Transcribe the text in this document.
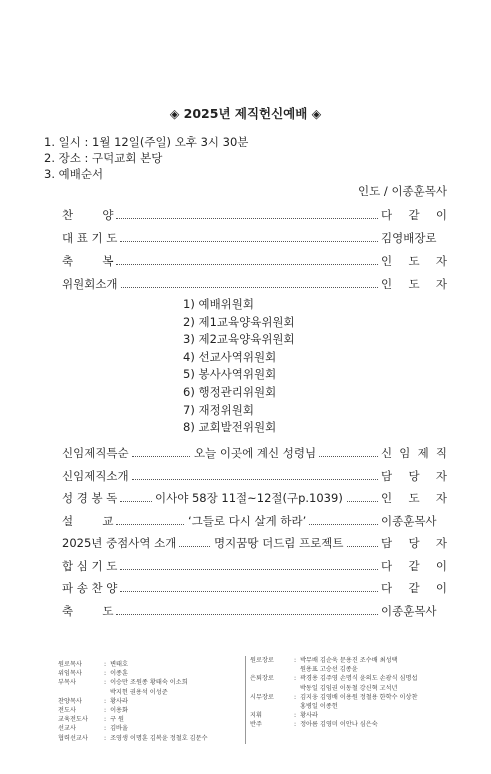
◈ 2025년 제직헌신예배 ◈
1. 일시 : 1월 12일(주일) 오후 3시 30분
2. 장소 : 구덕교회 본당
3. 예배순서
인도 / 이종훈목사
찬        양	다 같 이
대 표 기 도	김영배장로
축        복	인 도 자
위원회소개	인 도 자
1) 예배위원회
2) 제1교육양육위원회
3) 제2교육양육위원회
4) 선교사역위원회
5) 봉사사역위원회
6) 행정관리위원회
7) 재정위원회
8) 교회발전위원회
신임제직특순	오늘 이곳에 계신 성령님	신 임 제 직
신임제직소개	담 당 자
성 경 봉 독	이사야 58장 11절~12절(구p.1039)	인 도 자
설        교	‘그들로 다시 살게 하라’	이종훈목사
2025년 중점사역 소개	명지꿈땅 더드림 프로젝트	담 당 자
합 심 기 도	다 같 이
파 송 찬 양	다 같 이
축        도	이종훈목사
원로목사	: 변태호
위임목사	: 이종훈
부목사	: 이승만 조원종 황태숙 이소희

박지헌 권용석 이성준
찬양목사	: 황사라
전도사	: 이용화
교육전도사	: 구 원
선교사	: 김바울
협력선교사	: 조영생 이명훈 김복윤 정철호 김문수
원로장로	: 박무배 김순욱 문용진 조수배 최성택

원용표 고승선 김종윤
은퇴장로	: 곽경용 김주영 손명식 윤의도 손광식 심명섭

박동일 김임권 이동철 강신혁 고석년
시무장로	: 김지웅 김영배 이용원 정철용 한학수 이상찬

홍병일 이종헌
지휘	: 황사라
반주	: 정아름 김영미 이안나 심은숙
